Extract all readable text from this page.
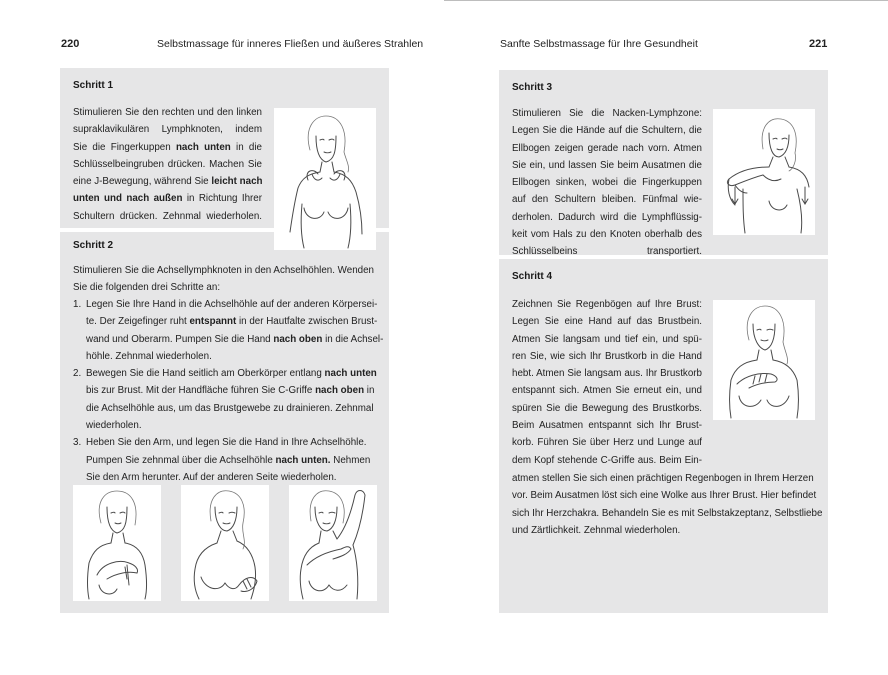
220	Selbstmassage für inneres Fließen und äußeres Strahlen	Sanfte Selbstmassage für Ihre Gesundheit	221
Schritt 1
Stimulieren Sie den rechten und den linken
supraklavikulären Lymphknoten, indem
Sie die Fingerkuppen nach unten in die
Schlüsselbeingruben drücken. Machen Sie
eine J-Bewegung, während Sie leicht nach
unten und nach außen in Richtung Ihrer
Schultern drücken. Zehnmal wiederholen.
Schritt 2
Stimulieren Sie die Achsellymphknoten in den Achselhöhlen. Wenden
Sie die folgenden drei Schritte an:
1. Legen Sie Ihre Hand in die Achselhöhle auf der anderen Körpersei-
te. Der Zeigefinger ruht entspannt in der Hautfalte zwischen Brust-
wand und Oberarm. Pumpen Sie die Hand nach oben in die Achsel-
höhle. Zehnmal wiederholen.
2. Bewegen Sie die Hand seitlich am Oberkörper entlang nach unten
bis zur Brust. Mit der Handfläche führen Sie C-Griffe nach oben in
die Achselhöhle aus, um das Brustgewebe zu drainieren. Zehnmal
wiederholen.
3. Heben Sie den Arm, und legen Sie die Hand in Ihre Achselhöhle.
Pumpen Sie zehnmal über die Achselhöhle nach unten. Nehmen
Sie den Arm herunter. Auf der anderen Seite wiederholen.
Schritt 3
Stimulieren Sie die Nacken-Lymphzone:
Legen Sie die Hände auf die Schultern, die
Ellbogen zeigen gerade nach vorn. Atmen
Sie ein, und lassen Sie beim Ausatmen die
Ellbogen sinken, wobei die Fingerkuppen
auf den Schultern bleiben. Fünfmal wie-
derholen. Dadurch wird die Lymphflüssig-
keit vom Hals zu den Knoten oberhalb des
Schlüsselbeins transportiert.
Schritt 4
Zeichnen Sie Regenbögen auf Ihre Brust:
Legen Sie eine Hand auf das Brustbein.
Atmen Sie langsam und tief ein, und spü-
ren Sie, wie sich Ihr Brustkorb in die Hand
hebt. Atmen Sie langsam aus. Ihr Brustkorb
entspannt sich. Atmen Sie erneut ein, und
spüren Sie die Bewegung des Brustkorbs.
Beim Ausatmen entspannt sich Ihr Brust-
korb. Führen Sie über Herz und Lunge auf
dem Kopf stehende C-Griffe aus. Beim Ein-
atmen stellen Sie sich einen prächtigen Regenbogen in Ihrem Herzen
vor. Beim Ausatmen löst sich eine Wolke aus Ihrer Brust. Hier befindet
sich Ihr Herzchakra. Behandeln Sie es mit Selbstakzeptanz, Selbstliebe
und Zärtlichkeit. Zehnmal wiederholen.
